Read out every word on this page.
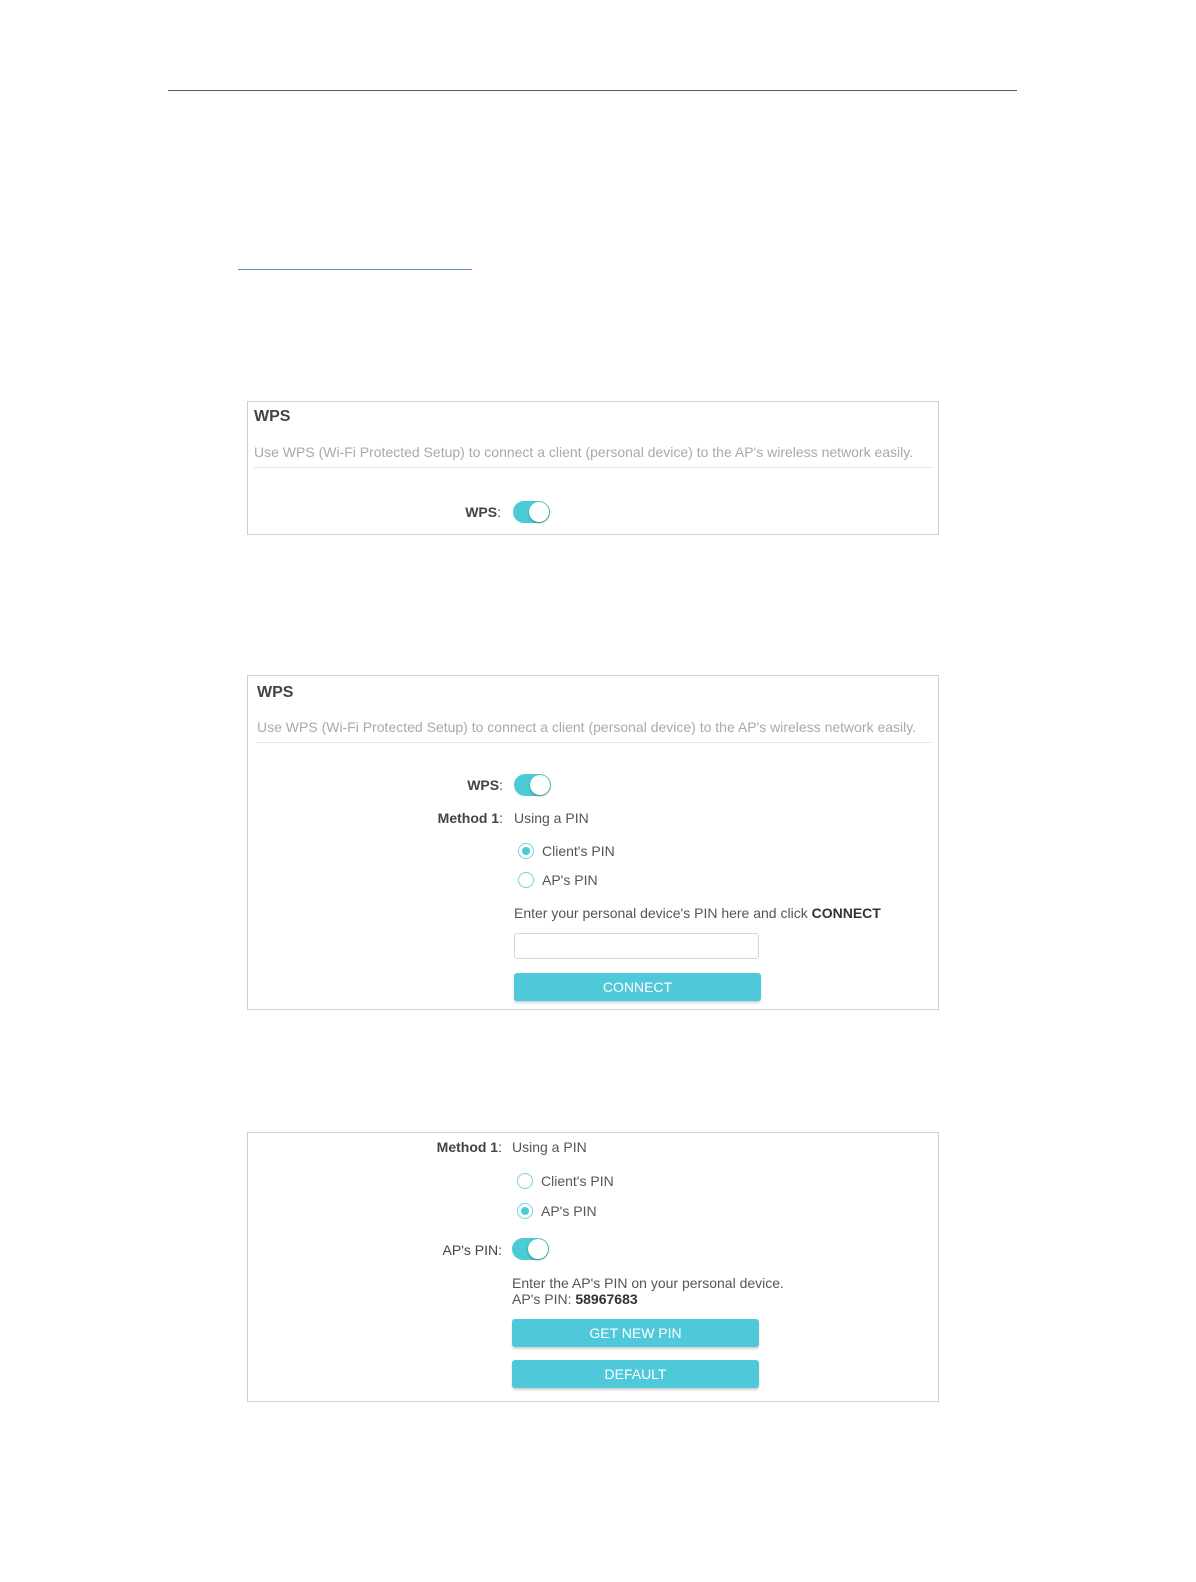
WPS
Use WPS (Wi-Fi Protected Setup) to connect a client (personal device) to the AP's wireless network easily.
WPS:
WPS
Use WPS (Wi-Fi Protected Setup) to connect a client (personal device) to the AP's wireless network easily.
WPS:
Method 1: Using a PIN
Client's PIN
AP's PIN
Enter your personal device's PIN here and click CONNECT
CONNECT
Method 1: Using a PIN
Client's PIN
AP's PIN
AP's PIN:
Enter the AP's PIN on your personal device.
AP's PIN: 58967683
GET NEW PIN
DEFAULT
